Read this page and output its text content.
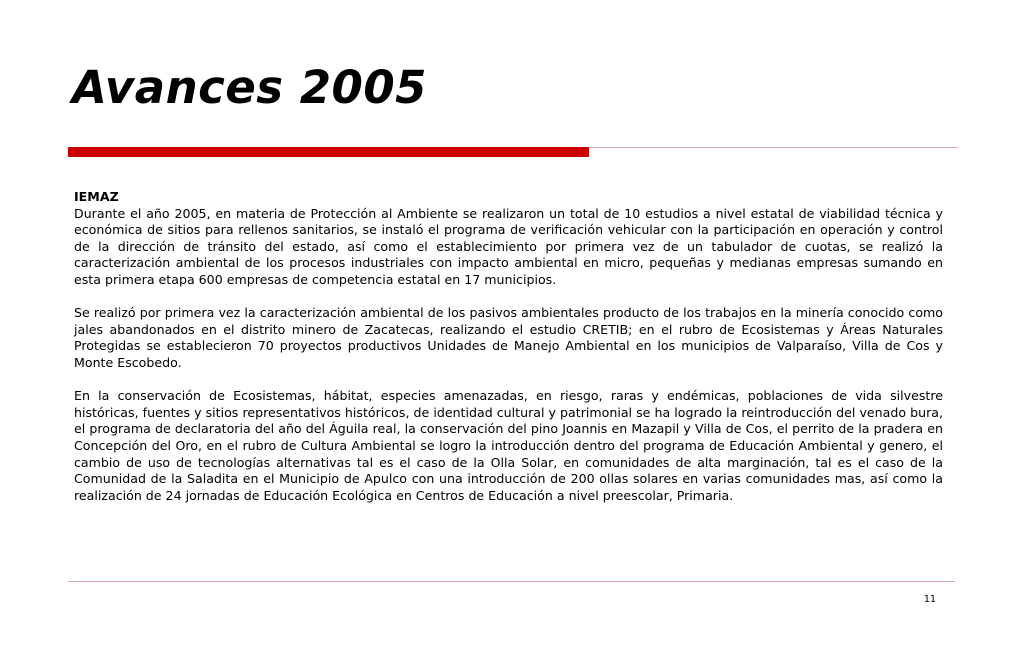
Avances 2005

IEMAZ

Durante el año 2005, en materia de Protección al Ambiente se realizaron un total de 10 estudios a nivel estatal de viabilidad técnica y económica de sitios para rellenos sanitarios, se instaló el programa de verificación vehicular con la participación en operación y control de la dirección de tránsito del estado, así como el establecimiento por primera vez de un tabulador de cuotas, se realizó la caracterización ambiental de los procesos industriales con impacto ambiental en micro, pequeñas y medianas empresas sumando en esta primera etapa 600 empresas de competencia estatal en 17 municipios.

Se realizó por primera vez la caracterización ambiental de los pasivos ambientales producto de los trabajos en la minería conocido como jales abandonados en el distrito minero de Zacatecas, realizando el estudio CRETIB; en el rubro de Ecosistemas y Áreas Naturales Protegidas se establecieron 70 proyectos productivos Unidades de Manejo Ambiental en los municipios de Valparaíso, Villa de Cos y Monte Escobedo.

En la conservación de Ecosistemas, hábitat, especies amenazadas, en riesgo, raras y endémicas, poblaciones de vida silvestre históricas, fuentes y sitios representativos históricos, de identidad cultural y patrimonial se ha logrado la reintroducción del venado bura, el programa de declaratoria del año del Águila real, la conservación del pino Joannis en Mazapil y Villa de Cos, el perrito de la pradera en Concepción del Oro, en el rubro de Cultura Ambiental se logro la introducción dentro del programa de Educación Ambiental y genero, el cambio de uso de tecnologías alternativas tal es el caso de la Olla Solar, en comunidades de alta marginación, tal es el caso de la Comunidad de la Saladita en el Municipio de Apulco con una introducción de 200 ollas solares en varias comunidades mas, así como la realización de 24 jornadas de Educación Ecológica en Centros de Educación a nivel preescolar, Primaria.

11
